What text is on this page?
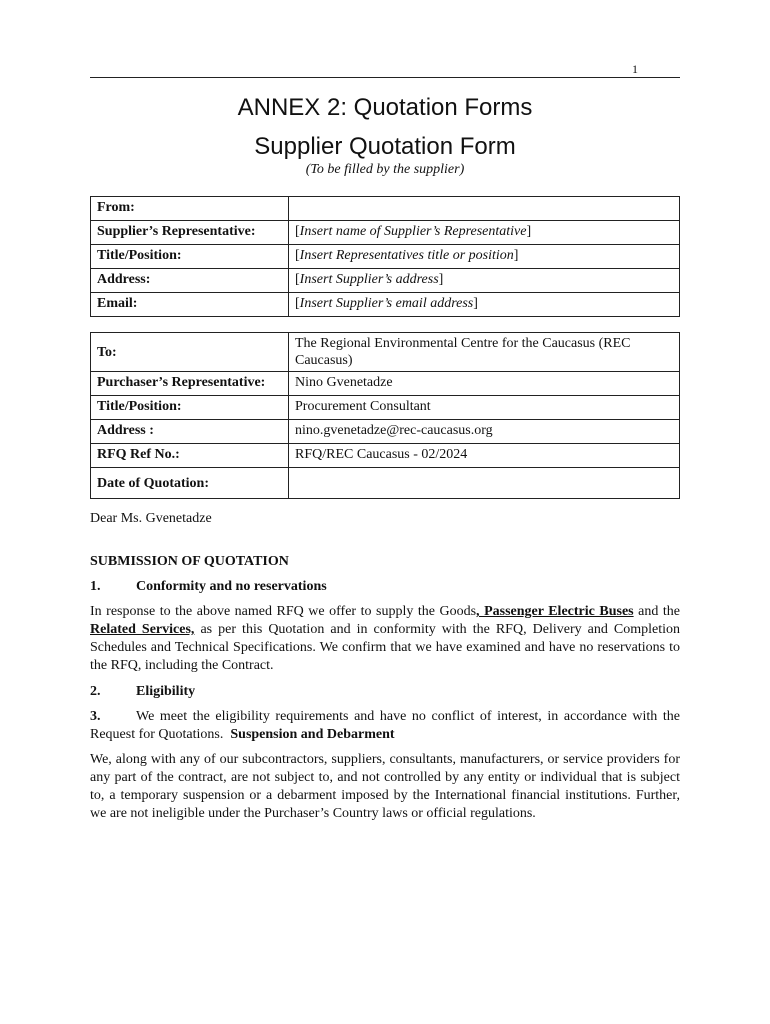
1
ANNEX 2: Quotation Forms
Supplier Quotation Form
(To be filled by the supplier)
From:	
Supplier’s Representative:	[Insert name of Supplier’s Representative]
Title/Position:	[Insert Representatives title or position]
Address:	[Insert Supplier’s address]
Email:	[Insert Supplier’s email address]
To:	The Regional Environmental Centre for the Caucasus (REC Caucasus)
Purchaser’s Representative:	Nino Gvenetadze
Title/Position:	Procurement Consultant
Address :	nino.gvenetadze@rec-caucasus.org
RFQ Ref No.:	RFQ/REC Caucasus - 02/2024
Date of Quotation:	
Dear Ms. Gvenetadze
SUBMISSION OF QUOTATION
1.	Conformity and no reservations
In response to the above named RFQ we offer to supply the Goods, Passenger Electric Buses and the Related Services, as per this Quotation and in conformity with the RFQ, Delivery and Completion Schedules and Technical Specifications. We confirm that we have examined and have no reservations to the RFQ, including the Contract.
2.	Eligibility
3.	We meet the eligibility requirements and have no conflict of interest, in accordance with the Request for Quotations. Suspension and Debarment
We, along with any of our subcontractors, suppliers, consultants, manufacturers, or service providers for any part of the contract, are not subject to, and not controlled by any entity or individual that is subject to, a temporary suspension or a debarment imposed by the International financial institutions. Further, we are not ineligible under the Purchaser’s Country laws or official regulations.
